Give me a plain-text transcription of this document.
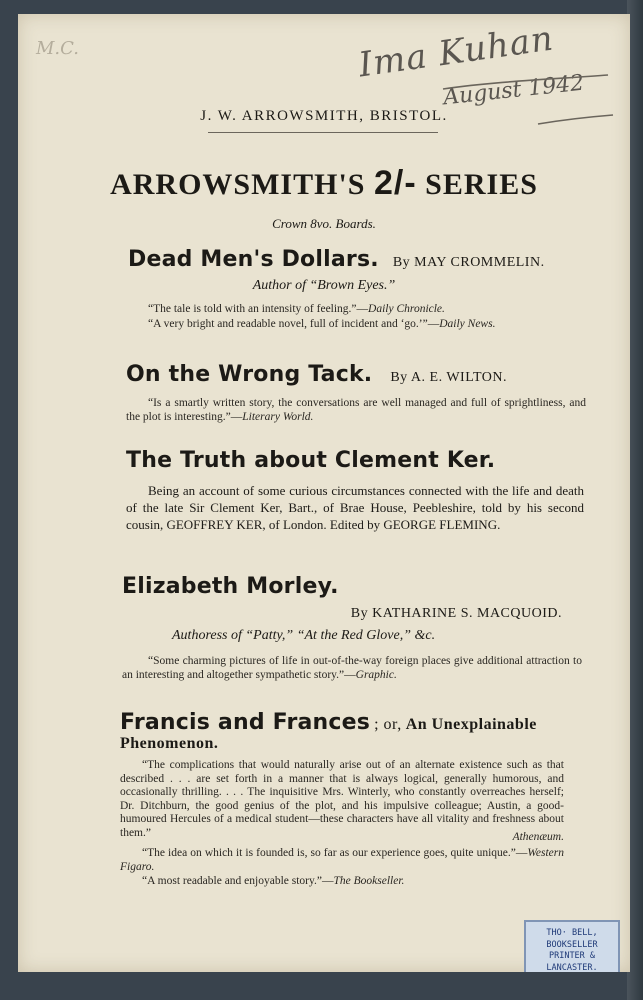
M.C.	Ima Kuhan
August 1942
J. W. ARROWSMITH, BRISTOL.
ARROWSMITH'S 2/- SERIES
Crown 8vo. Boards.
Dead Men's Dollars. By MAY CROMMELIN.
Author of “Brown Eyes.”
“The tale is told with an intensity of feeling.”—Daily Chronicle.
“A very bright and readable novel, full of incident and ‘go.’”—Daily News.
On the Wrong Tack. By A. E. WILTON.
“Is a smartly written story, the conversations are well managed and full of sprightliness, and the plot is interesting.”—Literary World.
The Truth about Clement Ker.
Being an account of some curious circumstances connected with the life and death of the late Sir Clement Ker, Bart., of Brae House, Peebleshire, told by his second cousin, GEOFFREY KER, of London. Edited by GEORGE FLEMING.
Elizabeth Morley.
By KATHARINE S. MACQUOID.
Authoress of “Patty,” “At the Red Glove,” &c.
“Some charming pictures of life in out-of-the-way foreign places give additional attraction to an interesting and altogether sympathetic story.”—Graphic.
Francis and Frances ; or, An Unexplainable Phenomenon.
“The complications that would naturally arise out of an alternate existence such as that described . . . are set forth in a manner that is always logical, generally humorous, and occasionally thrilling. . . . The inquisitive Mrs. Winterly, who constantly overreaches herself; Dr. Ditchburn, the good genius of the plot, and his impulsive colleague; Austin, a good-humoured Hercules of a medical student—these characters have all vitality and freshness about them.”	Athenæum.
“The idea on which it is founded is, so far as our experience goes, quite unique.”—Western Figaro.
“A most readable and enjoyable story.”—The Bookseller.
THO· BELL,
BOOKSELLER
PRINTER &
LANCASTER.
